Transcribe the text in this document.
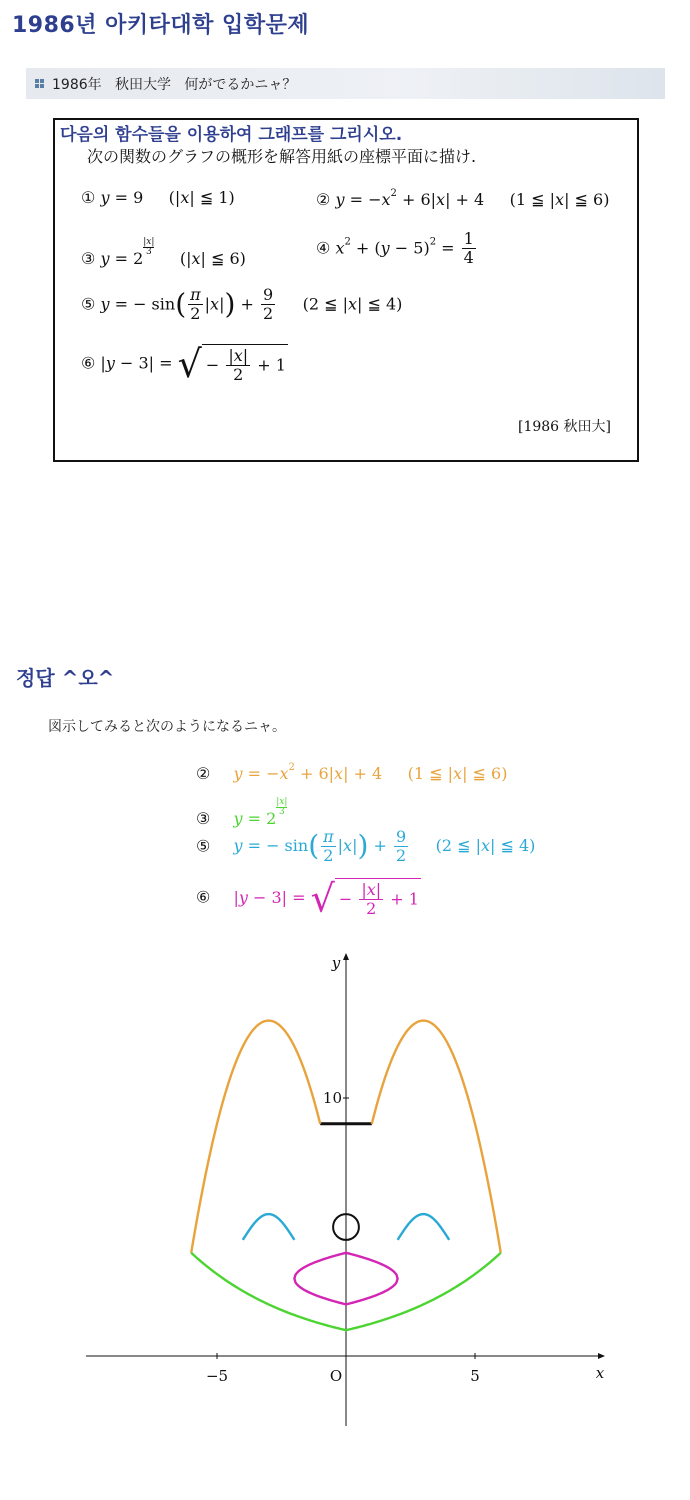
1986년 아키타대학 입학문제
1986年   秋田大学   何がでるかニャ？
다음의 함수들을 이용하여 그래프를 그리시오.
次の関数のグラフの概形を解答用紙の座標平面に描け.
① y = 9     (|x| ≦ 1)	② $y = -x^2 + 6|x| + 4$     (1 ≦ |x| ≦ 6)
③ y = 2
$\frac{|x|}{3}$
(|x| ≦ 6)
④ $x^2 + (y - 5)^2 = \frac{1}{4}$
⑤ y = − $\sin( \frac{\pi}{2} |x|) + \frac{9}{2} (2$ ≦ |x| ≦ 4)
⑥ |y − 3| = √ − $\frac{|x|}{2} + 1$
[1986 秋田大]
정답 ^오^
図示してみると次のようになるニャ。
② $y = -x^2 + 6|x| + 4$     (1 ≦ |x| ≦ 6)
③ y = 2
$\frac{|x|}{3}$
⑤ y = − $\sin( \frac{\pi}{2} |x|) + \frac{9}{2} (2$ ≦ |x| ≦ 4)
⑥ |y − 3| = √ − $\frac{|x|}{2} + 1$
x
y
O
−5	5
10
